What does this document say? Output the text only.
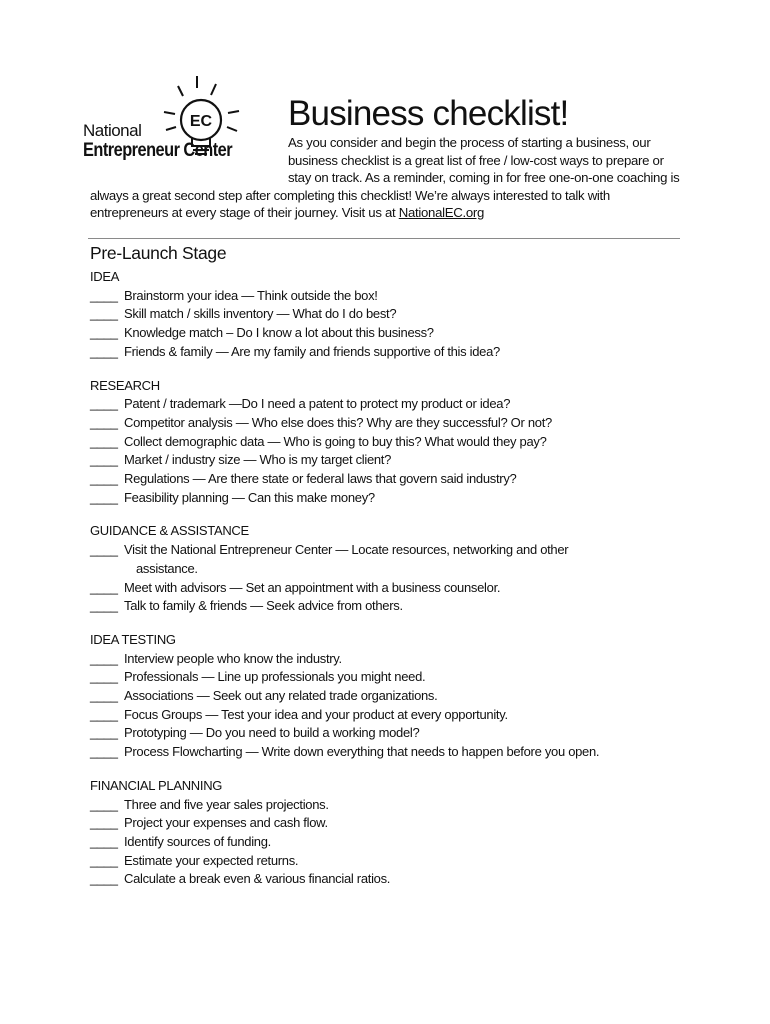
EC
National
Entrepreneur Center
Business checklist!

As you consider and begin the process of starting a business, our business checklist is a great list of free / low-cost ways to prepare or stay on track. As a reminder, coming in for free one-on-one coaching is always a great second step after completing this checklist! We’re always interested to talk with entrepreneurs at every stage of their journey. Visit us at NationalEC.org

Pre-Launch Stage
IDEA
____ Brainstorm your idea — Think outside the box!
____ Skill match / skills inventory — What do I do best?
____ Knowledge match – Do I know a lot about this business?
____ Friends & family — Are my family and friends supportive of this idea?
RESEARCH
____ Patent / trademark —Do I need a patent to protect my product or idea?
____ Competitor analysis — Who else does this? Why are they successful? Or not?
____ Collect demographic data — Who is going to buy this? What would they pay?
____ Market / industry size — Who is my target client?
____ Regulations — Are there state or federal laws that govern said industry?
____ Feasibility planning — Can this make money?
GUIDANCE & ASSISTANCE
____ Visit the National Entrepreneur Center — Locate resources, networking and other
assistance.
____ Meet with advisors — Set an appointment with a business counselor.
____ Talk to family & friends — Seek advice from others.
IDEA TESTING
____ Interview people who know the industry.
____ Professionals — Line up professionals you might need.
____ Associations — Seek out any related trade organizations.
____ Focus Groups — Test your idea and your product at every opportunity.
____ Prototyping — Do you need to build a working model?
____ Process Flowcharting — Write down everything that needs to happen before you open.
FINANCIAL PLANNING
____ Three and five year sales projections.
____ Project your expenses and cash flow.
____ Identify sources of funding.
____ Estimate your expected returns.
____ Calculate a break even & various financial ratios.
